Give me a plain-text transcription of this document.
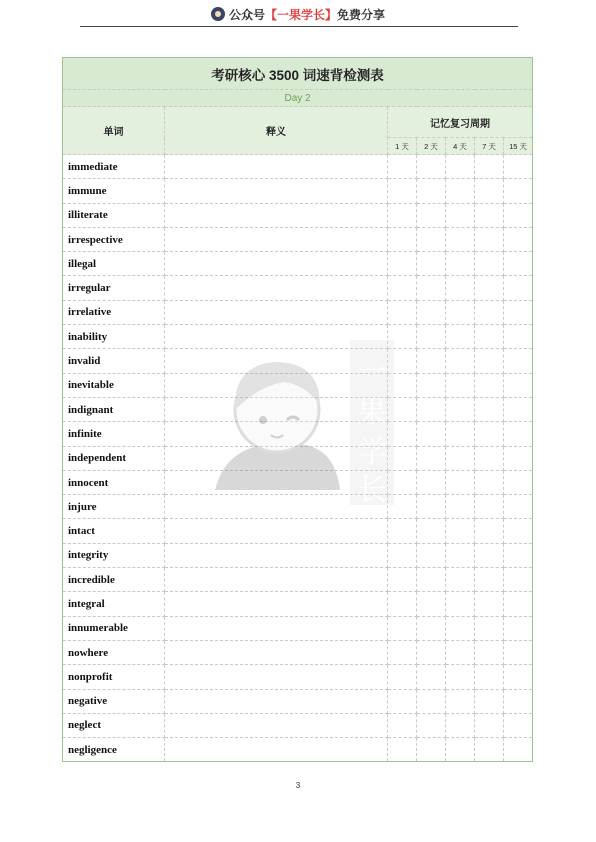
公众号【一果学长】免费分享
考研核心 3500 词速背检测表						
Day 2						
单词	释义	记忆复习周期				
		1 天	2 天	4 天	7 天	15 天
immediate						
immune						
illiterate						
irrespective						
illegal						
irregular						
irrelative						
inability						
invalid						
inevitable						
indignant						
infinite						
independent						
innocent						
injure						
intact						
integrity						
incredible						
integral						
innumerable						
nowhere						
nonprofit						
negative						
neglect						
negligence						
一
果
学
长
3
